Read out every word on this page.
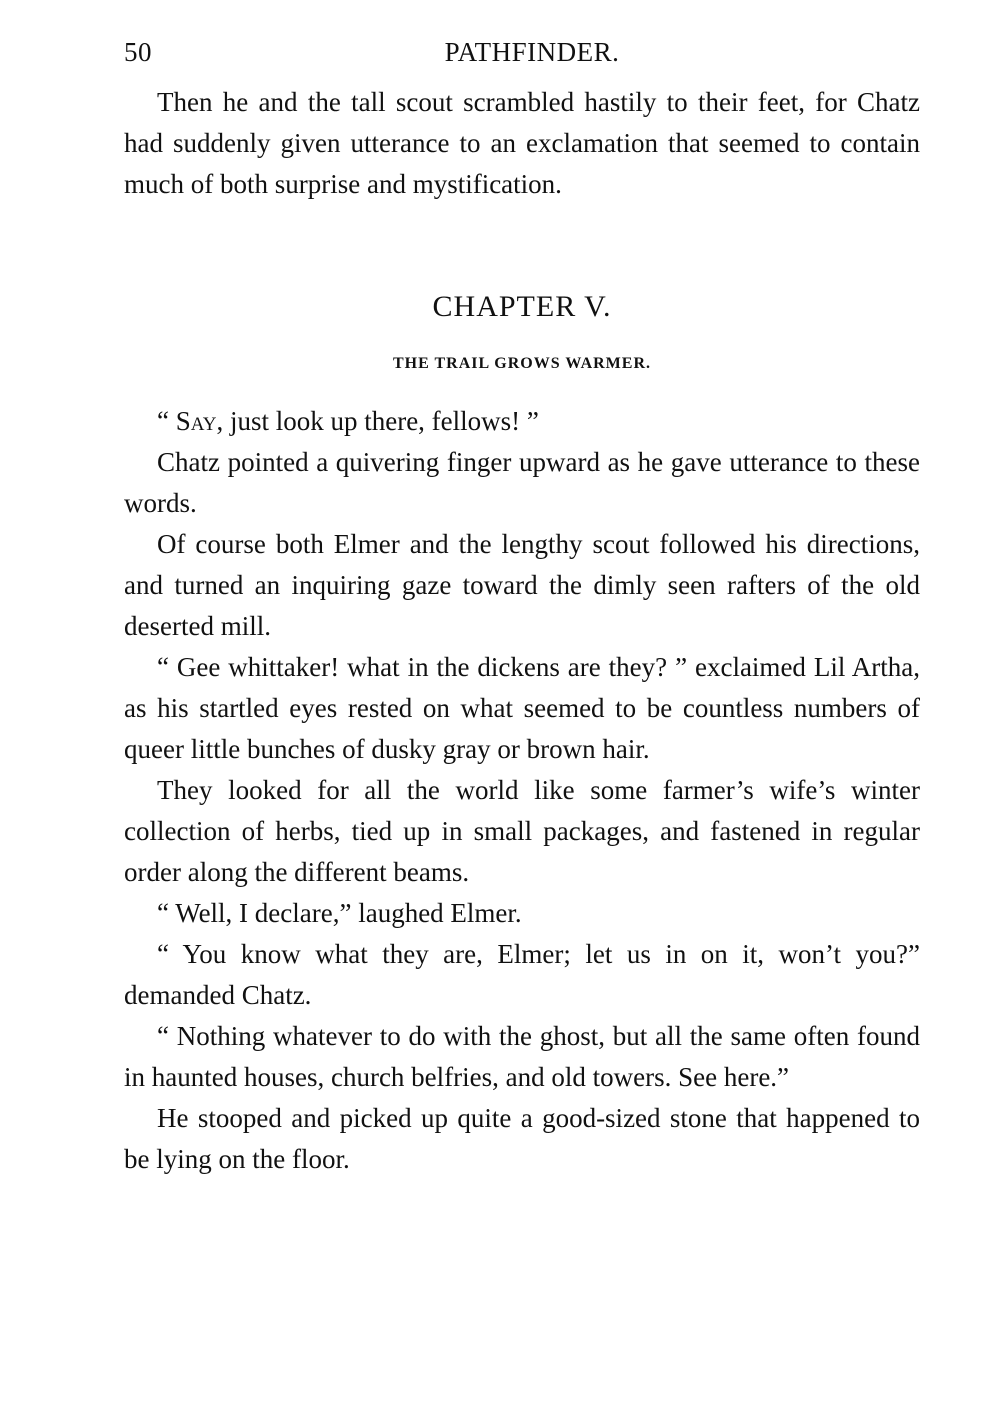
50	PATHFINDER.

Then he and the tall scout scrambled hastily to their feet, for Chatz had suddenly given utterance to an exclamation that seemed to contain much of both surprise and mystification.

CHAPTER V.
THE TRAIL GROWS WARMER.

“ Say, just look up there, fellows! ”

Chatz pointed a quivering finger upward as he gave utterance to these words.

Of course both Elmer and the lengthy scout followed his directions, and turned an inquiring gaze toward the dimly seen rafters of the old deserted mill.

“ Gee whittaker! what in the dickens are they? ” exclaimed Lil Artha, as his startled eyes rested on what seemed to be countless numbers of queer little bunches of dusky gray or brown hair.

They looked for all the world like some farmer’s wife’s winter collection of herbs, tied up in small packages, and fastened in regular order along the different beams.

“ Well, I declare,” laughed Elmer.

“ You know what they are, Elmer; let us in on it, won’t you?” demanded Chatz.

“ Nothing whatever to do with the ghost, but all the same often found in haunted houses, church belfries, and old towers. See here.”

He stooped and picked up quite a good-sized stone that happened to be lying on the floor.
